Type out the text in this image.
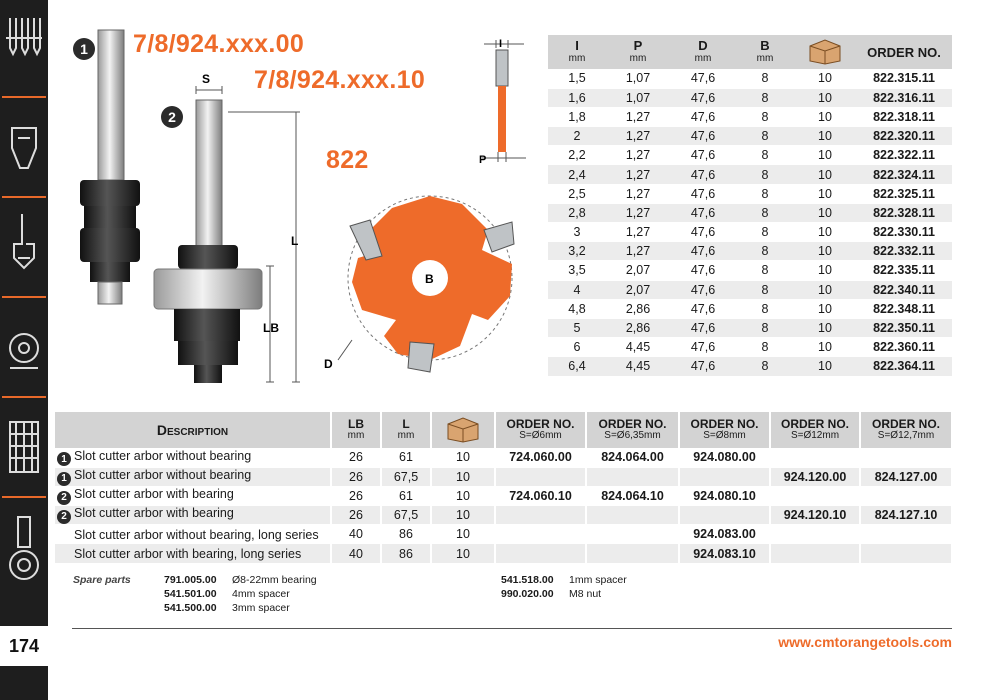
174
1 7/8/924.xxx.00
2
7/8/924.xxx.10
822
S
L
LB
B
D
I
P
I
mm	P
mm	D
mm	B
mm		ORDER NO.
1,5	1,07	47,6	8	10	822.315.11
1,6	1,07	47,6	8	10	822.316.11
1,8	1,27	47,6	8	10	822.318.11
2	1,27	47,6	8	10	822.320.11
2,2	1,27	47,6	8	10	822.322.11
2,4	1,27	47,6	8	10	822.324.11
2,5	1,27	47,6	8	10	822.325.11
2,8	1,27	47,6	8	10	822.328.11
3	1,27	47,6	8	10	822.330.11
3,2	1,27	47,6	8	10	822.332.11
3,5	2,07	47,6	8	10	822.335.11
4	2,07	47,6	8	10	822.340.11
4,8	2,86	47,6	8	10	822.348.11
5	2,86	47,6	8	10	822.350.11
6	4,45	47,6	8	10	822.360.11
6,4	4,45	47,6	8	10	822.364.11
Description	LB
mm	L
mm		ORDER NO.
S=Ø6mm	ORDER NO.
S=Ø6,35mm	ORDER NO.
S=Ø8mm	ORDER NO.
S=Ø12mm	ORDER NO.
S=Ø12,7mm

1 Slot cutter arbor without bearing	26	61	10	724.060.00	824.064.00	924.080.00		
1 Slot cutter arbor without bearing	26	67,5	10				924.120.00	824.127.00
2 Slot cutter arbor with bearing	26	61	10	724.060.10	824.064.10	924.080.10		
2 Slot cutter arbor with bearing	26	67,5	10				924.120.10	824.127.10
Slot cutter arbor without bearing, long series	40	86	10			924.083.00		
Slot cutter arbor with bearing, long series	40	86	10			924.083.10		
Spare parts	791.005.00 Ø8-22mm bearing
541.501.00 4mm spacer
541.500.00 3mm spacer
541.518.00 1mm spacer
990.020.00 M8 nut
www.cmtorangetools.com
